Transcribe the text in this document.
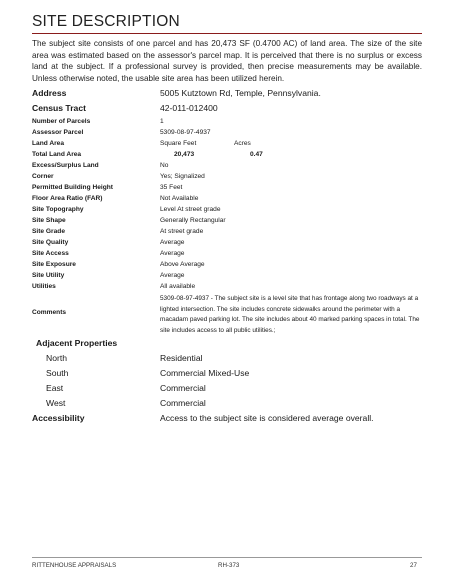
SITE DESCRIPTION
The subject site consists of one parcel and has 20,473 SF (0.4700 AC) of land area. The size of the site area was estimated based on the assessor's parcel map. It is perceived that there is no surplus or excess land at the subject. If a professional survey is provided, then precise measurements may be available. Unless otherwise noted, the usable site area has been utilized herein.
Address	5005 Kutztown Rd, Temple, Pennsylvania.
Census Tract	42-011-012400
Number of Parcels	1
Assessor Parcel	5309-08-97-4937
Land Area	Square Feet	Acres
Total Land Area	20,473	0.47
Excess/Surplus Land	No
Corner	Yes; Signalized
Permitted Building Height	35 Feet
Floor Area Ratio (FAR)	Not Available
Site Topography	Level At street grade
Site Shape	Generally Rectangular
Site Grade	At street grade
Site Quality	Average
Site Access	Average
Site Exposure	Above Average
Site Utility	Average
Utilities	All available
Comments
5309-08-97-4937 - The subject site is a level site that has frontage along two roadways at a lighted intersection. The site includes concrete sidewalks around the perimeter with a macadam paved parking lot. The site includes about 40 marked parking spaces in total. The site includes access to all public utilities.;
Adjacent Properties
North	Residential
South	Commercial Mixed-Use
East	Commercial
West	Commercial
Accessibility	Access to the subject site is considered average overall.
RITTENHOUSE APPRAISALS	RH-373	27
